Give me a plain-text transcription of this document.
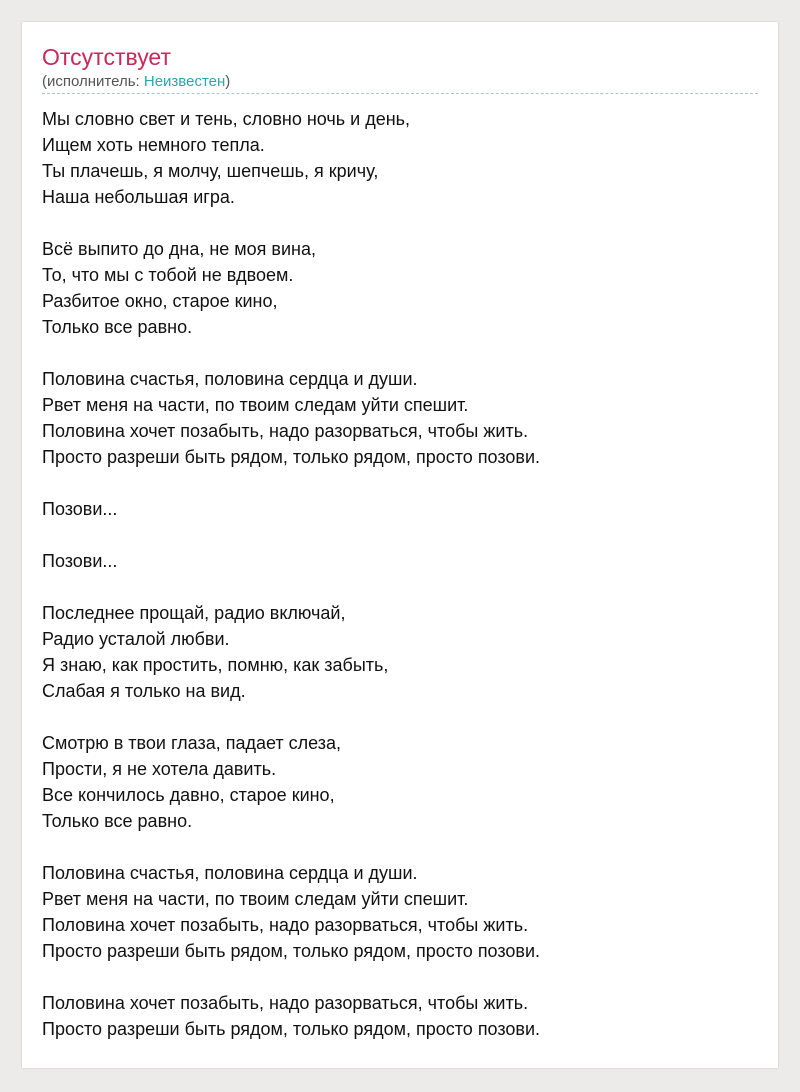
Отсутствует
(исполнитель: Неизвестен)

Мы словно свет и тень, словно ночь и день,
Ищем хоть немного тепла.
Ты плачешь, я молчу, шепчешь, я кричу,
Наша небольшая игра.

Всё выпито до дна, не моя вина,
То, что мы с тобой не вдвоем.
Разбитое окно, старое кино,
Только все равно.

Половина счастья, половина сердца и души.
Рвет меня на части, по твоим следам уйти спешит.
Половина хочет позабыть, надо разорваться, чтобы жить.
Просто разреши быть рядом, только рядом, просто позови.

Позови...

Позови...

Последнее прощай, радио включай,
Радио усталой любви.
Я знаю, как простить, помню, как забыть,
Слабая я только на вид.

Смотрю в твои глаза, падает слеза,
Прости, я не хотела давить.
Все кончилось давно, старое кино,
Только все равно.

Половина счастья, половина сердца и души.
Рвет меня на части, по твоим следам уйти спешит.
Половина хочет позабыть, надо разорваться, чтобы жить.
Просто разреши быть рядом, только рядом, просто позови.

Половина хочет позабыть, надо разорваться, чтобы жить.
Просто разреши быть рядом, только рядом, просто позови.
